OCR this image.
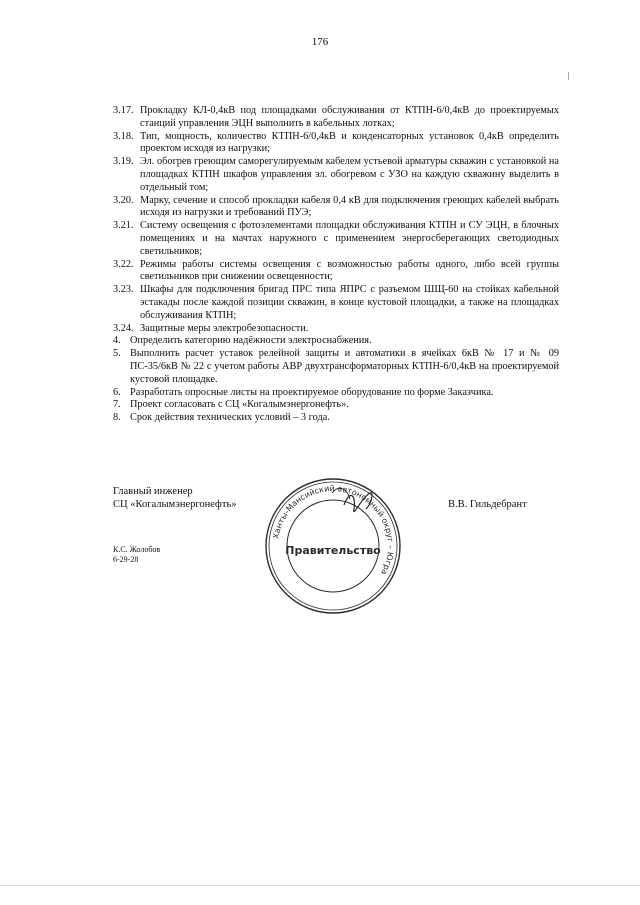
176
3.17. Прокладку КЛ-0,4кВ под площадками обслуживания от КТПН-6/0,4кВ до проектируемых станций управления ЭЦН выполнить в кабельных лотках;
3.18. Тип, мощность, количество КТПН-6/0,4кВ и конденсаторных установок 0,4кВ определить проектом исходя из нагрузки;
3.19. Эл. обогрев греющим саморегулируемым кабелем устьевой арматуры скважин с установкой на площадках КТПН шкафов управления эл. обогревом с УЗО на каждую скважину выделить в отдельный том;
3.20. Марку, сечение и способ прокладки кабеля 0,4 кВ для подключения греющих кабелей выбрать исходя из нагрузки и требований ПУЭ;
3.21. Систему освещения с фотоэлементами площадки обслуживания КТПН и СУ ЭЦН, в блочных помещениях и на мачтах наружного с применением энергосберегающих светодиодных светильников;
3.22. Режимы работы системы освещения с возможностью работы одного, либо всей группы светильников при снижении освещенности;
3.23. Шкафы для подключения бригад ПРС типа ЯПРС с разъемом ШЩ-60 на стойках кабельной эстакады после каждой позиции скважин, в конце кустовой площадки, а также на площадках обслуживания КТПН;
3.24. Защитные меры электробезопасности.
4. Определить категорию надёжности электроснабжения.
5. Выполнить расчет уставок релейной защиты и автоматики в ячейках 6кВ № 17 и № 09 ПС-35/6кВ № 22 с учетом работы АВР двухтрансформаторных КТПН-6/0,4кВ на проектируемой кустовой площадке.
6. Разработать опросные листы на проектируемое оборудование по форме Заказчика.
7. Проект согласовать с СЦ «Когалымэнергонефть».
8. Срок действия технических условий – 3 года.
Главный инженер
СЦ «Когалымэнергонефть»	В.В. Гильдебрант
К.С. Жолобов
6-29-28
Ханты-Мансийский автономный округ – Югра
Правительство
